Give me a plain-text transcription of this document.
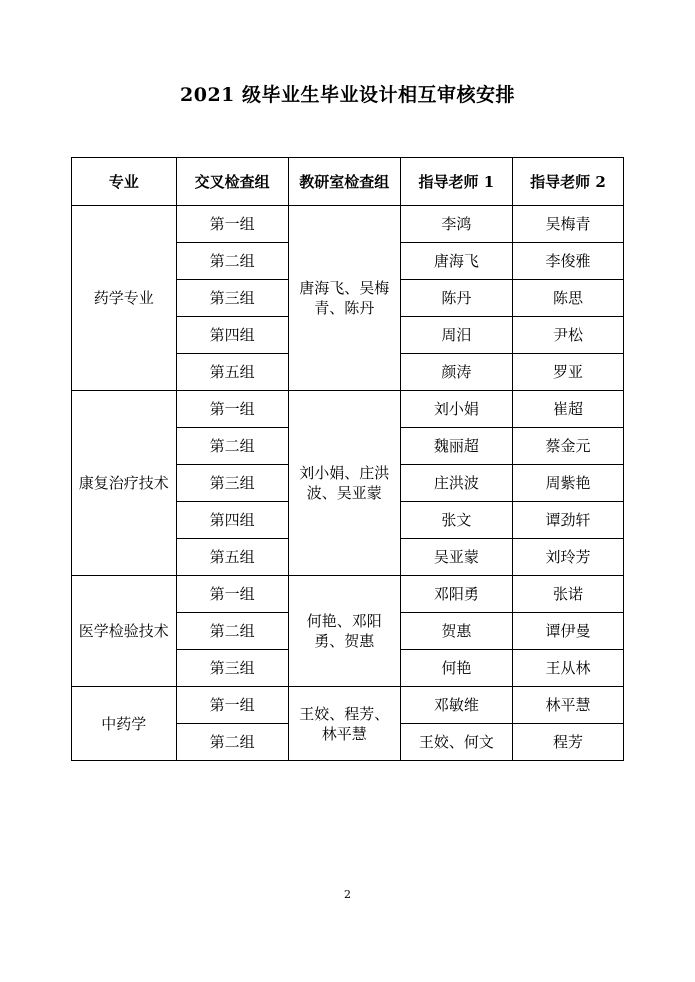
2021 级毕业生毕业设计相互审核安排
专业	交叉检查组	教研室检查组	指导老师 1	指导老师 2
药学专业	第一组	唐海飞、吴梅青、陈丹	李鸿	吴梅青
	第二组		唐海飞	李俊雅
	第三组		陈丹	陈思
	第四组		周汨	尹松
	第五组		颜涛	罗亚
康复治疗技术	第一组	刘小娟、庄洪波、吴亚蒙	刘小娟	崔超
	第二组		魏丽超	蔡金元
	第三组		庄洪波	周紫艳
	第四组		张文	谭劲轩
	第五组		吴亚蒙	刘玲芳
医学检验技术	第一组	何艳、邓阳勇、贺惠	邓阳勇	张诺
	第二组		贺惠	谭伊曼
	第三组		何艳	王从林
中药学	第一组	王姣、程芳、林平慧	邓敏维	林平慧
	第二组		王姣、何文	程芳
2
